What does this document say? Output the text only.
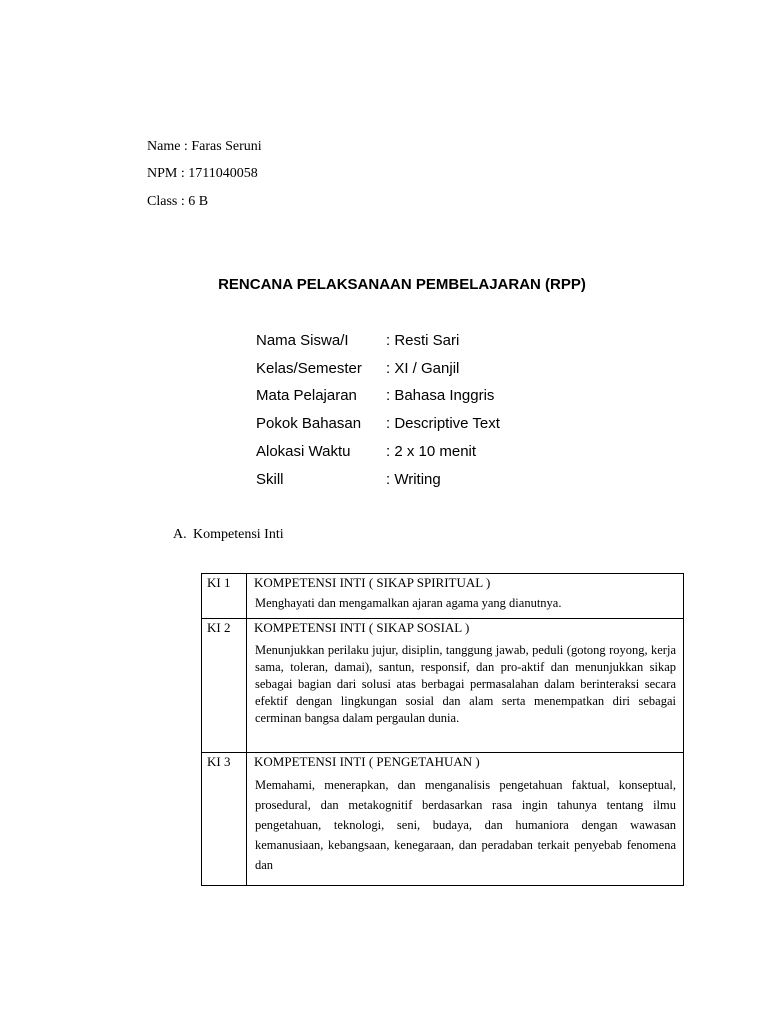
Name : Faras Seruni
NPM : 1711040058
Class : 6 B
RENCANA PELAKSANAAN PEMBELAJARAN (RPP)
Nama Siswa/I : Resti Sari
Kelas/Semester : XI / Ganjil
Mata Pelajaran : Bahasa Inggris
Pokok Bahasan : Descriptive Text
Alokasi Waktu : 2 x 10 menit
Skill	: Writing
A. Kompetensi Inti
KI 1	KOMPETENSI INTI ( SIKAP SPIRITUAL )
Menghayati dan mengamalkan ajaran agama yang dianutnya.

KI 2	KOMPETENSI INTI ( SIKAP SOSIAL )
Menunjukkan perilaku jujur, disiplin, tanggung jawab, peduli (gotong royong, kerja sama, toleran, damai), santun, responsif, dan pro-aktif dan menunjukkan sikap sebagai bagian dari solusi atas berbagai permasalahan dalam berinteraksi secara efektif dengan lingkungan sosial dan alam serta menempatkan diri sebagai cerminan bangsa dalam pergaulan dunia.

KI 3	KOMPETENSI INTI ( PENGETAHUAN )
Memahami, menerapkan, dan menganalisis pengetahuan faktual, konseptual, prosedural, dan metakognitif berdasarkan rasa ingin tahunya tentang ilmu pengetahuan, teknologi, seni, budaya, dan humaniora dengan wawasan kemanusiaan, kebangsaan, kenegaraan, dan peradaban terkait penyebab fenomena dan
